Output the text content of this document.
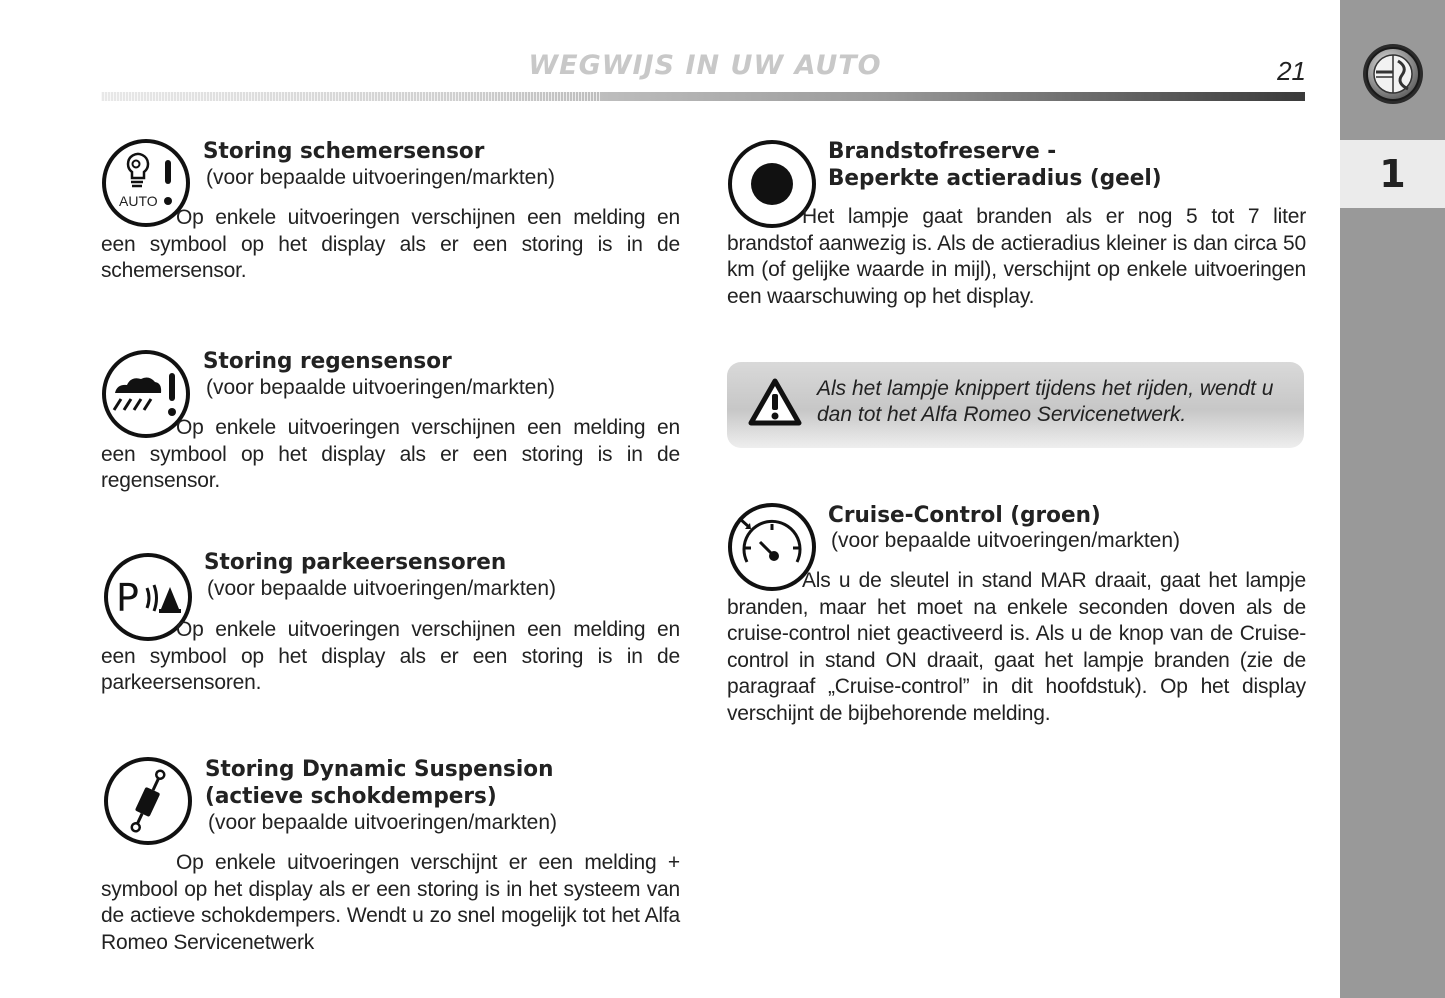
WEGWIJS IN UW AUTO	21
1
AUTO
Storing schemersensor
(voor bepaalde uitvoeringen/markten)

Op enkele uitvoeringen verschijnen een melding en een symbool op het display als er een storing is in de schemersensor.

Storing regensensor
(voor bepaalde uitvoeringen/markten)

Op enkele uitvoeringen verschijnen een melding en een symbool op het display als er een storing is in de regensensor.

P
Storing parkeersensoren
(voor bepaalde uitvoeringen/markten)

Op enkele uitvoeringen verschijnen een melding en een symbool op het display als er een storing is in de parkeersensoren.

Storing Dynamic Suspension
(actieve schokdempers)
(voor bepaalde uitvoeringen/markten)

Op enkele uitvoeringen verschijnt er een melding + symbool op het display als er een storing is in het systeem van de actieve schokdempers. Wendt u zo snel mogelijk tot het Alfa Romeo Servicenetwerk

Brandstofreserve -
Beperkte actieradius (geel)

Het lampje gaat branden als er nog 5 tot 7 liter brandstof aanwezig is. Als de actieradius kleiner is dan circa 50 km (of gelijke waarde in mijl), verschijnt op enkele uitvoeringen een waarschuwing op het display.

Als het lampje knippert tijdens het rijden, wendt u dan tot het Alfa Romeo Servicenetwerk.
Cruise-Control (groen)
(voor bepaalde uitvoeringen/markten)

Als u de sleutel in stand MAR draait, gaat het lampje branden, maar het moet na enkele seconden doven als de cruise-control niet geactiveerd is. Als u de knop van de Cruise-control in stand ON draait, gaat het lampje branden (zie de paragraaf „Cruise-control” in dit hoofdstuk). Op het display verschijnt de bijbehorende melding.
